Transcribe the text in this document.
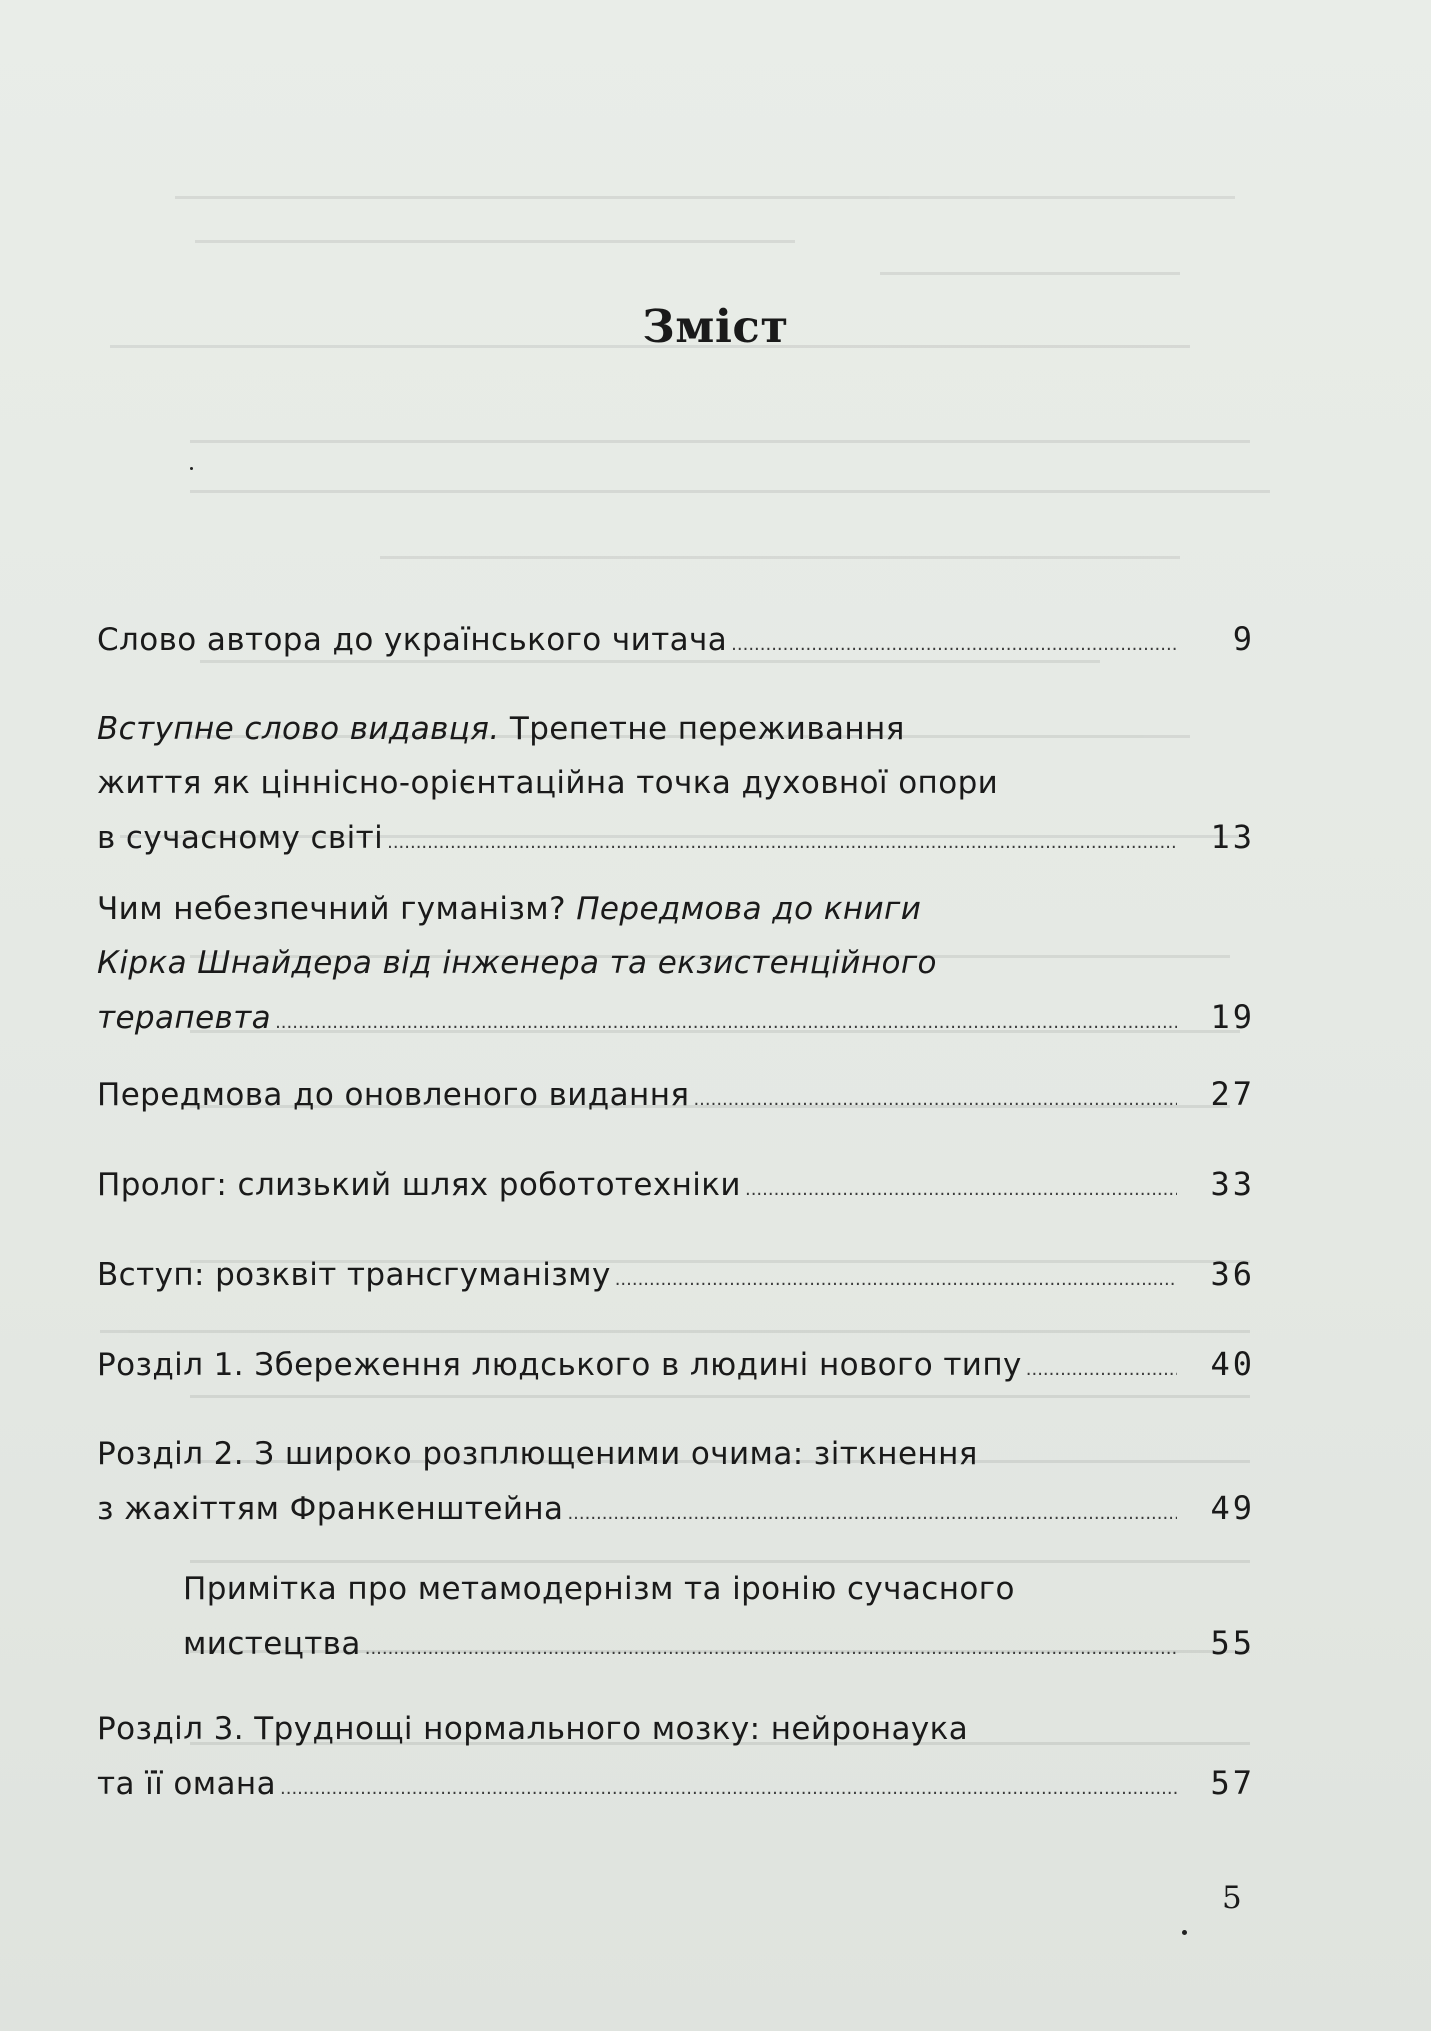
Зміст
Слово автора до українського читача .....	9
Вступне слово видавця. Трепетне переживання
життя як ціннісно-орієнтаційна точка духовної опори
в сучасному світі .....	13
Чим небезпечний гуманізм? Передмова до книги
Кірка Шнайдера від інженера та екзистенційного
терапевта .....	19
Передмова до оновленого видання .....	27
Пролог: слизький шлях робототехніки .....	33
Вступ: розквіт трансгуманізму .....	36
Розділ 1. Збереження людського в людині нового типу .....	40
Розділ 2. З широко розплющеними очима: зіткнення
з жахіттям Франкенштейна .....	49
Примітка про метамодернізм та іронію сучасного
мистецтва .....	55
Розділ 3. Труднощі нормального мозку: нейронаука
та її омана .....	57
5
